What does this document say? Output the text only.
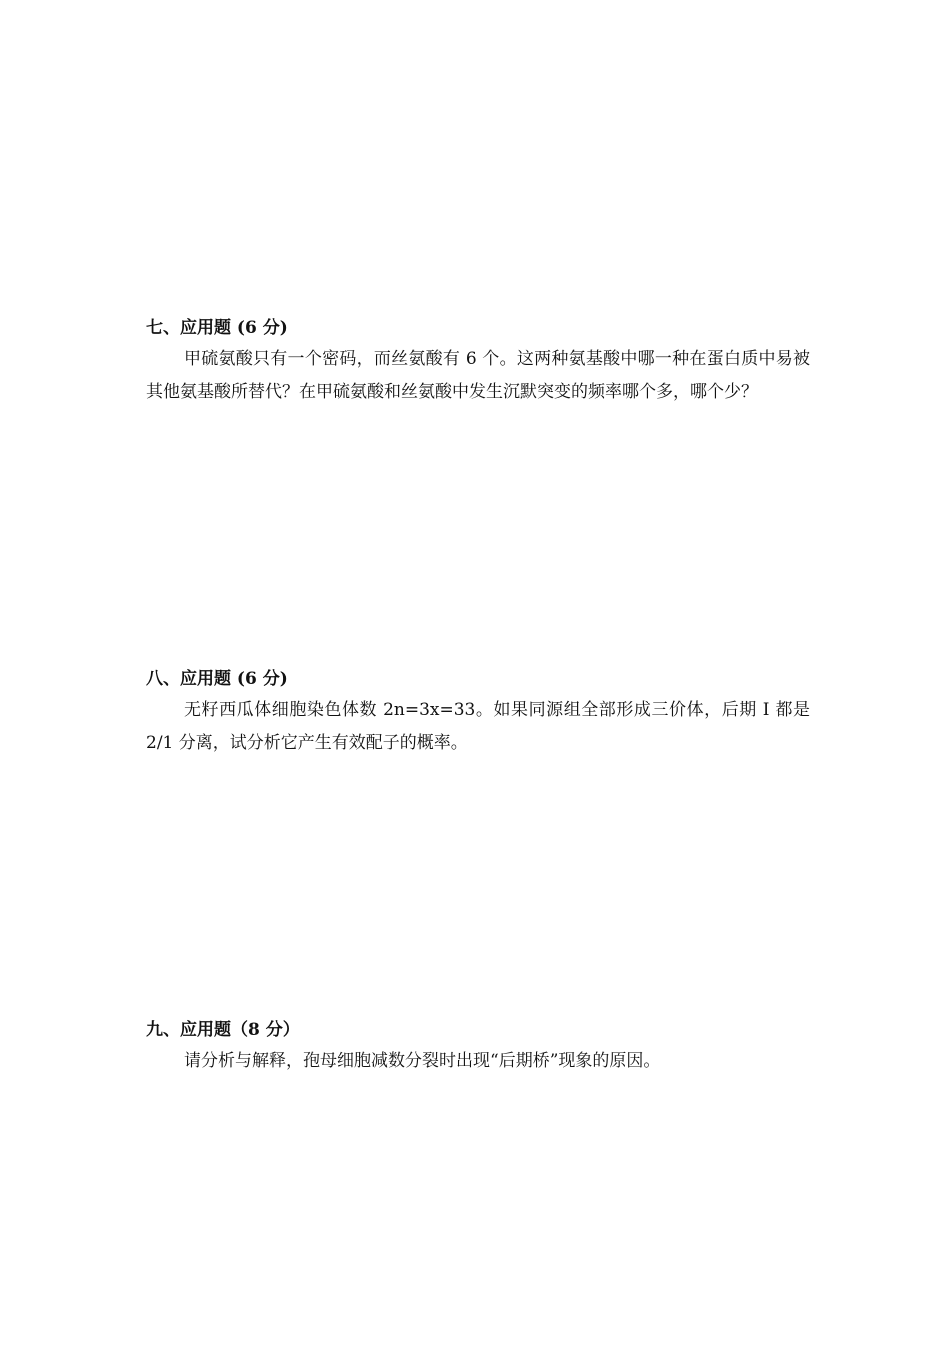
七、应用题 (6 分)

甲硫氨酸只有一个密码，而丝氨酸有 6 个。这两种氨基酸中哪一种在蛋白质中易被其他氨基酸所替代？在甲硫氨酸和丝氨酸中发生沉默突变的频率哪个多，哪个少？

八、应用题 (6 分)

无籽西瓜体细胞染色体数 2n=3x=33。如果同源组全部形成三价体，后期 I 都是 2/1 分离，试分析它产生有效配子的概率。

九、应用题（8 分）

请分析与解释，孢母细胞减数分裂时出现“后期桥”现象的原因。
